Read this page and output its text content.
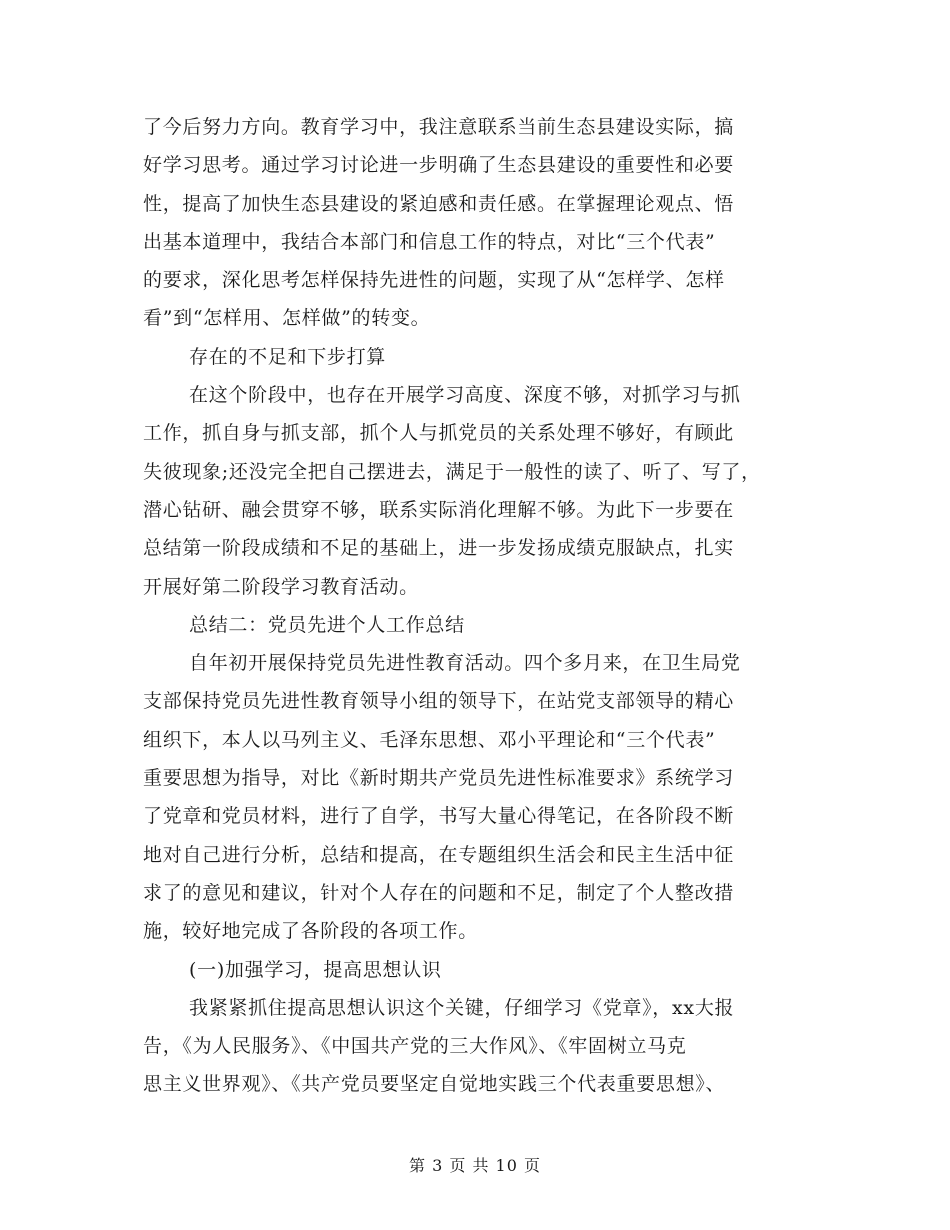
了今后努力方向。教育学习中，我注意联系当前生态县建设实际，搞
好学习思考。通过学习讨论进一步明确了生态县建设的重要性和必要
性，提高了加快生态县建设的紧迫感和责任感。在掌握理论观点、悟
出基本道理中，我结合本部门和信息工作的特点，对比“三个代表”
的要求，深化思考怎样保持先进性的问题，实现了从“怎样学、怎样
看”到“怎样用、怎样做”的转变。
存在的不足和下步打算
在这个阶段中，也存在开展学习高度、深度不够，对抓学习与抓
工作，抓自身与抓支部，抓个人与抓党员的关系处理不够好，有顾此
失彼现象;还没完全把自己摆进去，满足于一般性的读了、听了、写了，
潜心钻研、融会贯穿不够，联系实际消化理解不够。为此下一步要在
总结第一阶段成绩和不足的基础上，进一步发扬成绩克服缺点，扎实
开展好第二阶段学习教育活动。
总结二：党员先进个人工作总结
自年初开展保持党员先进性教育活动。四个多月来，在卫生局党
支部保持党员先进性教育领导小组的领导下，在站党支部领导的精心
组织下，本人以马列主义、毛泽东思想、邓小平理论和“三个代表”
重要思想为指导，对比《新时期共产党员先进性标准要求》系统学习
了党章和党员材料，进行了自学，书写大量心得笔记，在各阶段不断
地对自己进行分析，总结和提高，在专题组织生活会和民主生活中征
求了的意见和建议，针对个人存在的问题和不足，制定了个人整改措
施，较好地完成了各阶段的各项工作。
(一)加强学习，提高思想认识
我紧紧抓住提高思想认识这个关键，仔细学习《党章》，xx大报
告，《为人民服务》、《中国共产党的三大作风》、《牢固树立马克
思主义世界观》、《共产党员要坚定自觉地实践三个代表重要思想》、
第 3 页 共 10 页
